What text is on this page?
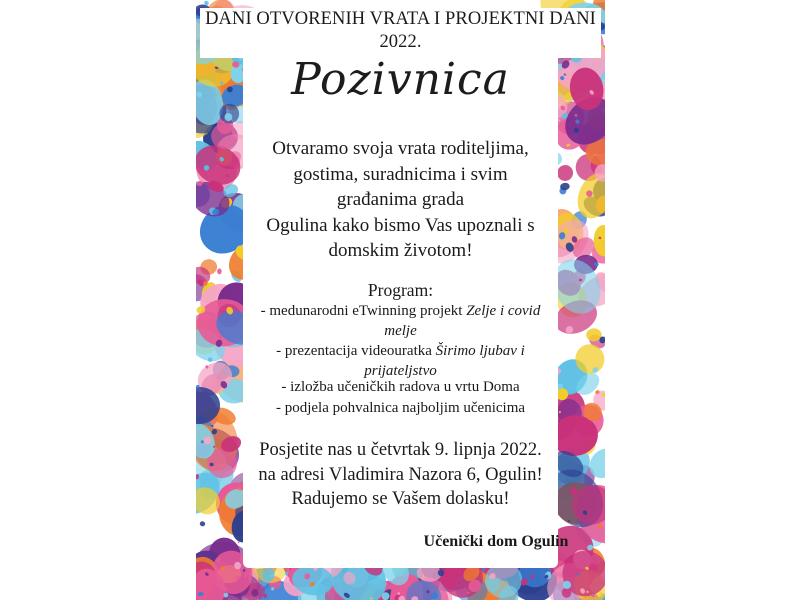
DANI OTVORENIH VRATA I PROJEKTNI DANI
2022.
Pozivnica
Otvaramo svoja vrata roditeljima,
gostima, suradnicima i svim
građanima grada
Ogulina kako bismo Vas upoznali s
domskim životom!
Program:
- medunarodni eTwinning projekt Zelje i covid
melje
- prezentacija videouratka Širimo ljubav i
prijateljstvo
- izložba učeničkih radova u vrtu Doma
- podjela pohvalnica najboljim učenicima
Posjetite nas u četvrtak 9. lipnja 2022.
na adresi Vladimira Nazora 6, Ogulin!
Radujemo se Vašem dolasku!
Učenički dom Ogulin
